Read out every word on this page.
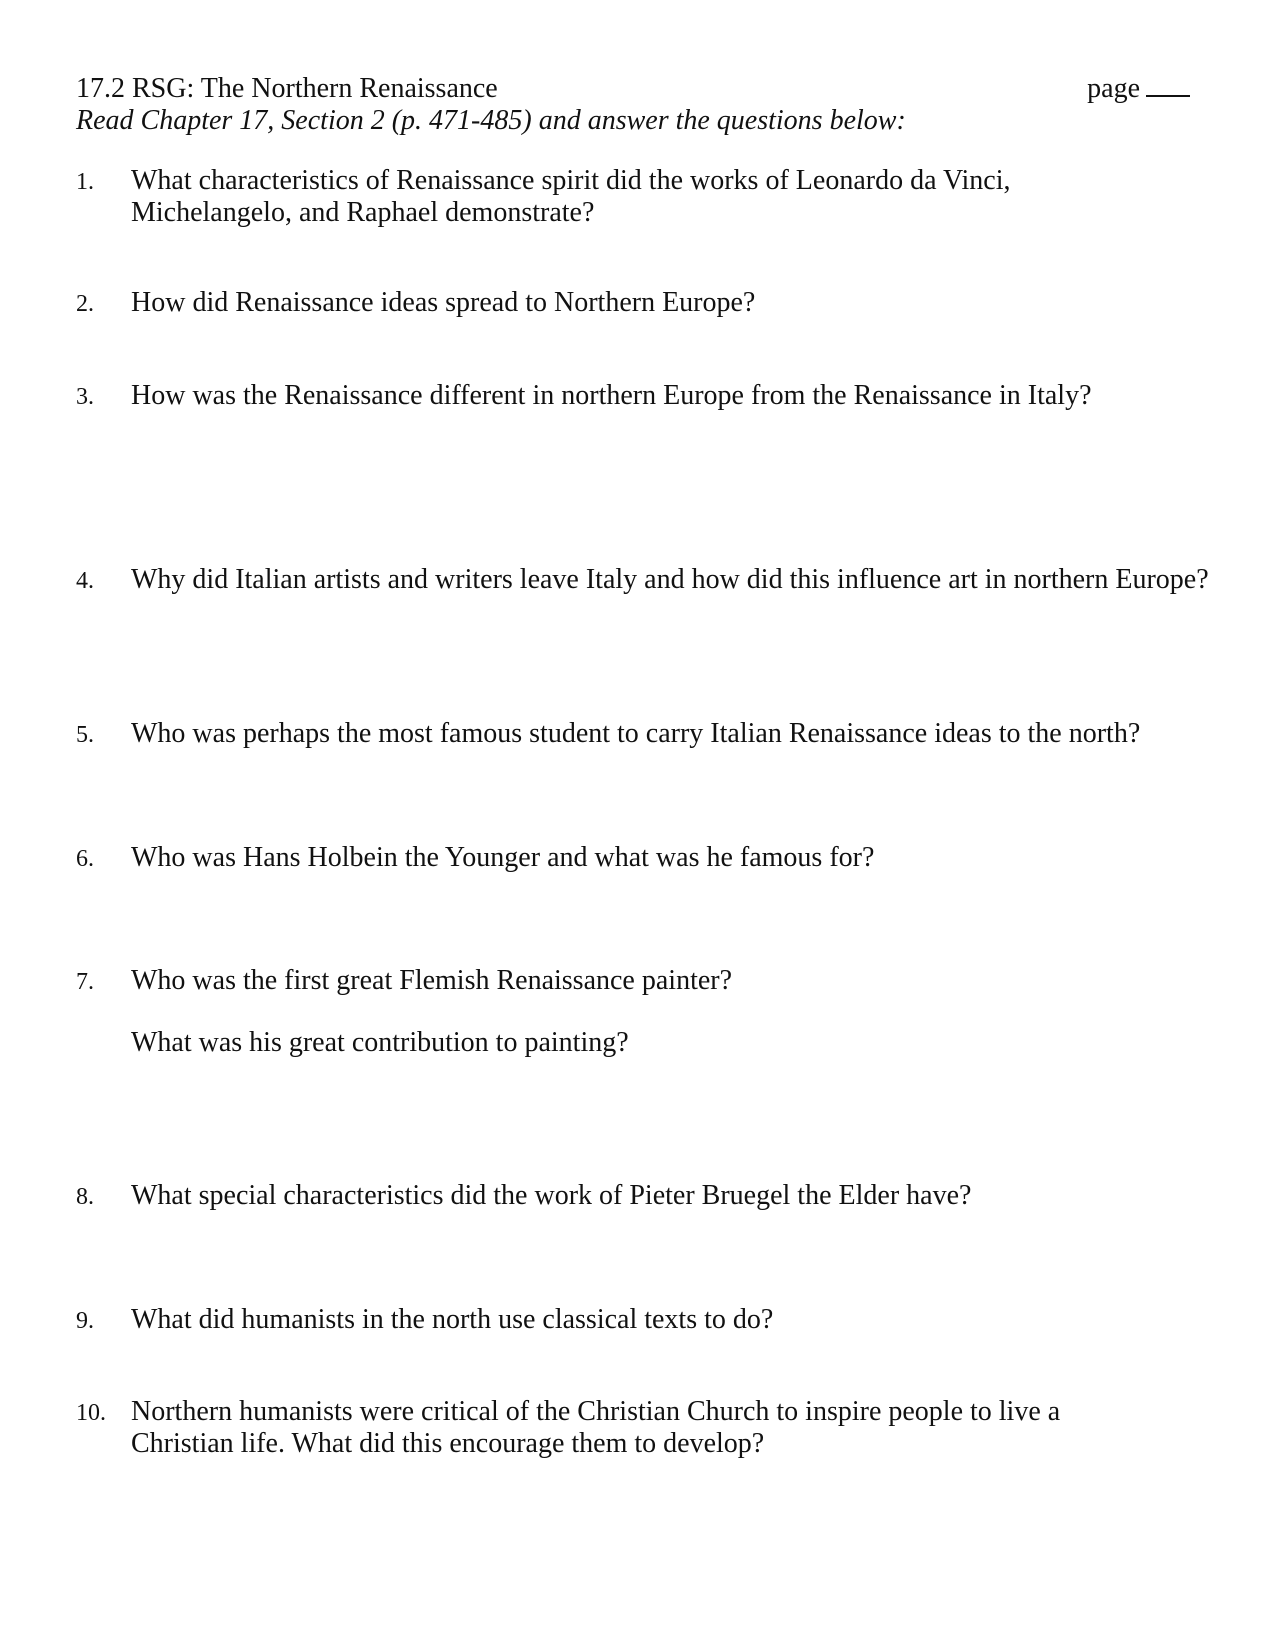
17.2 RSG: The Northern Renaissance	page
Read Chapter 17, Section 2 (p. 471-485) and answer the questions below:
1. What characteristics of Renaissance spirit did the works of Leonardo da Vinci, Michelangelo, and Raphael demonstrate?
2. How did Renaissance ideas spread to Northern Europe?
3. How was the Renaissance different in northern Europe from the Renaissance in Italy?
4. Why did Italian artists and writers leave Italy and how did this influence art in northern Europe?
5. Who was perhaps the most famous student to carry Italian Renaissance ideas to the north?
6. Who was Hans Holbein the Younger and what was he famous for?
7. Who was the first great Flemish Renaissance painter?
What was his great contribution to painting?
8. What special characteristics did the work of Pieter Bruegel the Elder have?
9. What did humanists in the north use classical texts to do?
10. Northern humanists were critical of the Christian Church to inspire people to live a Christian life. What did this encourage them to develop?
